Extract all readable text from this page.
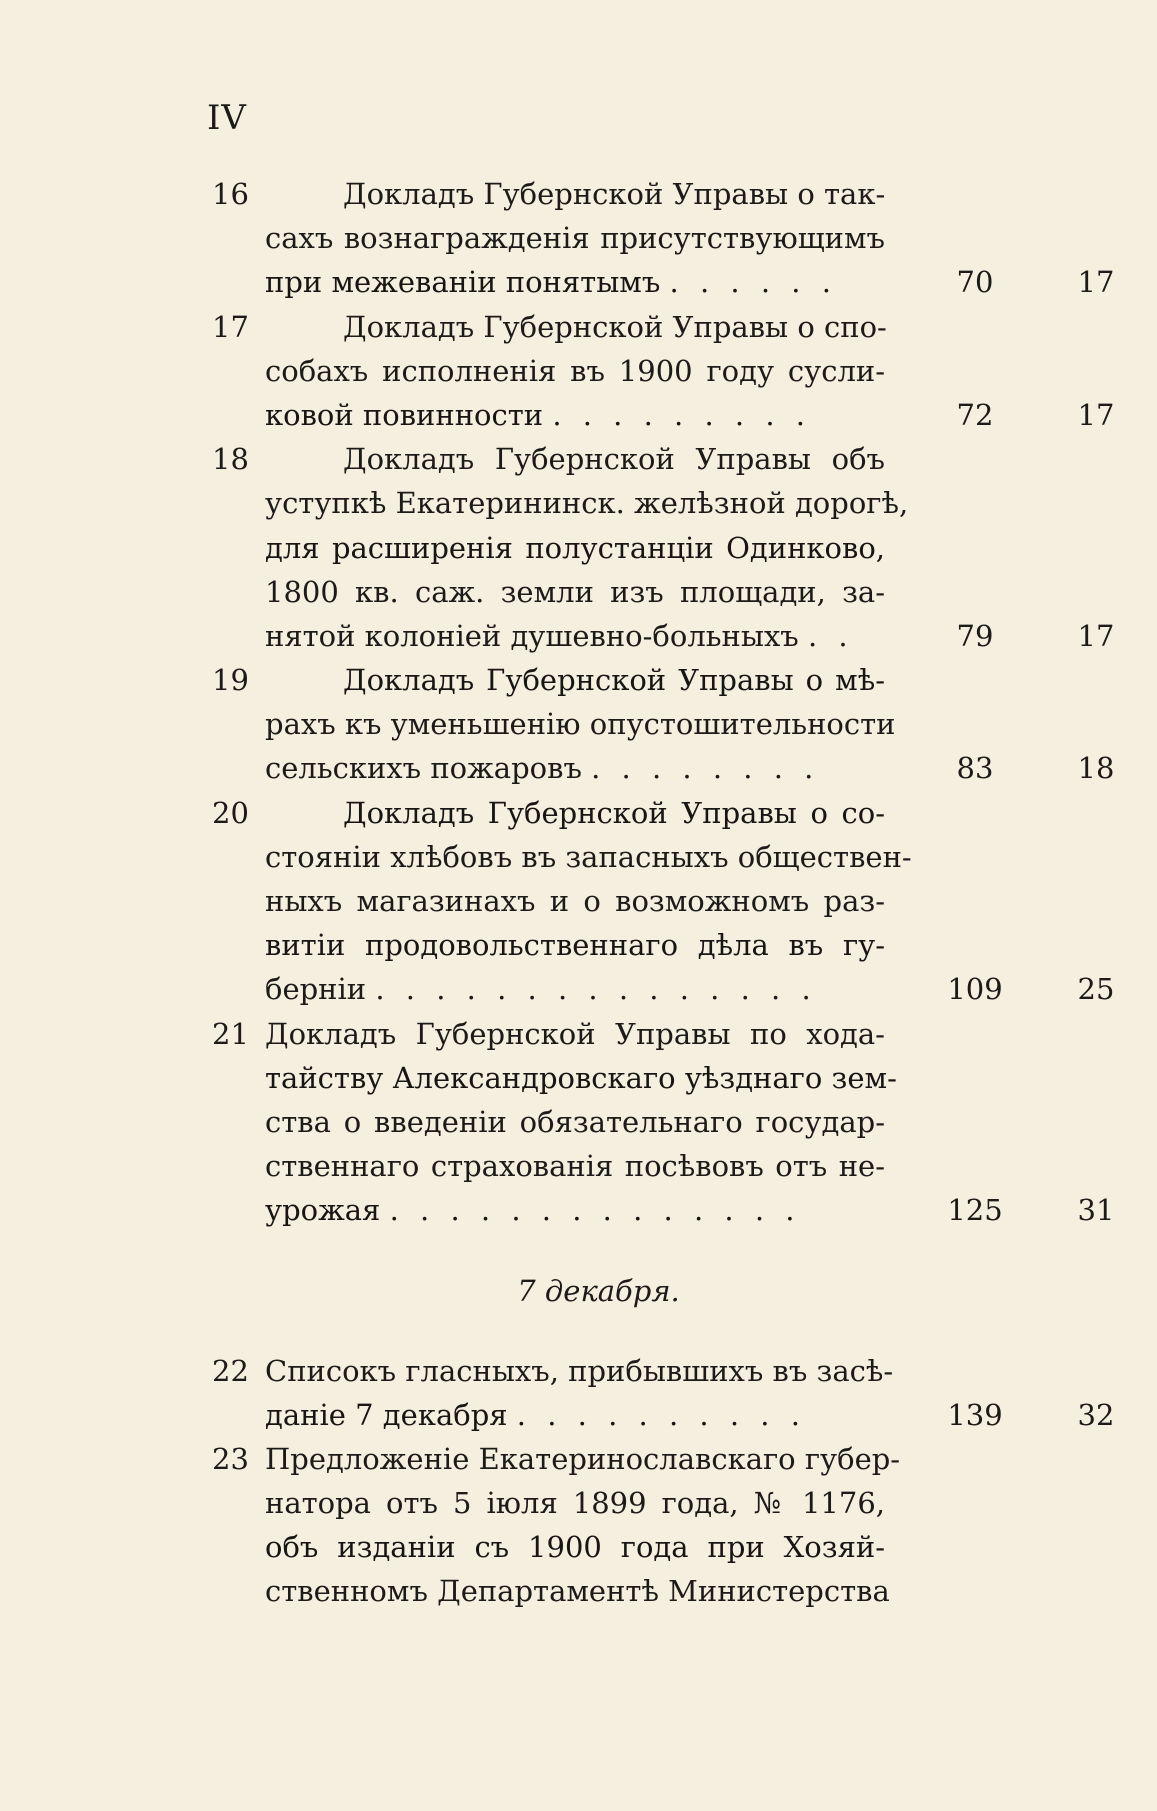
IV
16	Докладъ Губернской Управы о так-
сахъ вознагражденія присутствующимъ
при межеваніи понятымъ . . . . . .	70	17
17	Докладъ Губернской Управы о спо-
собахъ исполненія въ 1900 году сусли-
ковой повинности . . . . . . . . .	72	17
18	Докладъ Губернской Управы объ
уступкѣ Екатерининск. желѣзной дорогѣ,
для расширенія полустанціи Одинково,
1800 кв. саж. земли изъ площади, за-
нятой колоніей душевно-больныхъ . .	79	17
19	Докладъ Губернской Управы о мѣ-
рахъ къ уменьшенію опустошительности
сельскихъ пожаровъ . . . . . . . .	83	18
20	Докладъ Губернской Управы о со-
стояніи хлѣбовъ въ запасныхъ обществен-
ныхъ магазинахъ и о возможномъ раз-
витіи продовольственнаго дѣла въ гу-
берніи . . . . . . . . . . . . . . .	109	25
21 Докладъ Губернской Управы по хода-
тайству Александровскаго уѣзднаго зем-
ства о введеніи обязательнаго государ-
ственнаго страхованія посѣвовъ отъ не-
урожая . . . . . . . . . . . . . .	125	31
7 декабря.
22 Списокъ гласныхъ, прибывшихъ въ засѣ-
даніе 7 декабря . . . . . . . . . .	139	32
23 Предложеніе Екатеринославскаго губер-
натора отъ 5 іюля 1899 года, № 1176,
объ изданіи съ 1900 года при Хозяй-
ственномъ Департаментѣ Министерства
